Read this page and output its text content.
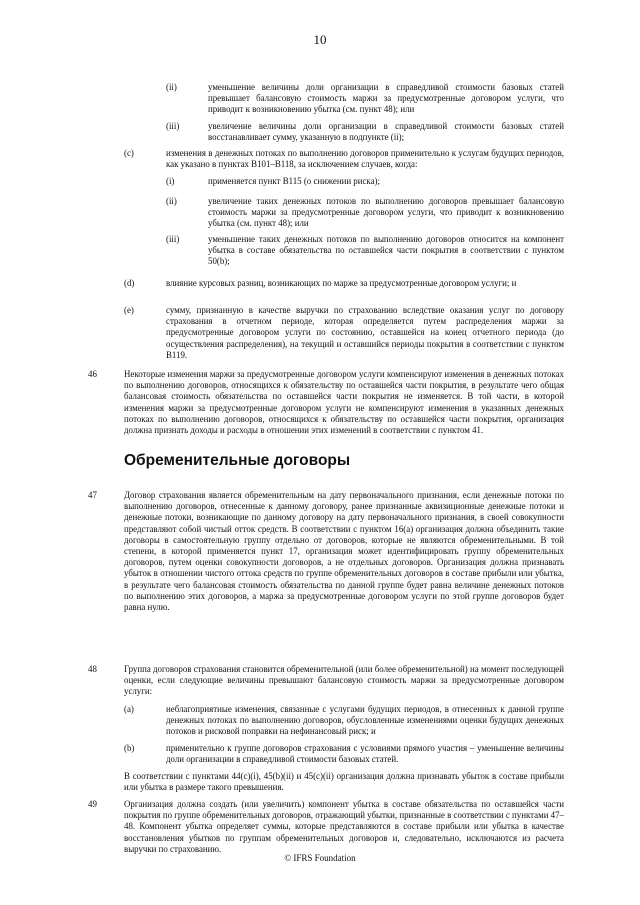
10
(ii)	уменьшение величины доли организации в справедливой стоимости базовых статей превышает балансовую стоимость маржи за предусмотренные договором услуги, что приводит к возникновению убытка (см. пункт 48); или
(iii)	увеличение величины доли организации в справедливой стоимости базовых статей восстанавливает сумму, указанную в подпункте (ii);
(c)	изменения в денежных потоках по выполнению договоров применительно к услугам будущих периодов, как указано в пунктах B101–B118, за исключением случаев, когда:
(i)	применяется пункт B115 (о снижении риска);
(ii)	увеличение таких денежных потоков по выполнению договоров превышает балансовую стоимость маржи за предусмотренные договором услуги, что приводит к возникновению убытка (см. пункт 48); или
(iii)	уменьшение таких денежных потоков по выполнению договоров относится на компонент убытка в составе обязательства по оставшейся части покрытия в соответствии с пунктом 50(b);
(d)	влияние курсовых разниц, возникающих по марже за предусмотренные договором услуги; и
(e)	сумму, признанную в качестве выручки по страхованию вследствие оказания услуг по договору страхования в отчетном периоде, которая определяется путем распределения маржи за предусмотренные договором услуги по состоянию, оставшейся на конец отчетного периода (до осуществления распределения), на текущий и оставшийся периоды покрытия в соответствии с пунктом B119.
46	Некоторые изменения маржи за предусмотренные договором услуги компенсируют изменения в денежных потоках по выполнению договоров, относящихся к обязательству по оставшейся части покрытия, в результате чего общая балансовая стоимость обязательства по оставшейся части покрытия не изменяется. В той части, в которой изменения маржи за предусмотренные договором услуги не компенсируют изменения в указанных денежных потоках по выполнению договоров, относящихся к обязательству по оставшейся части покрытия, организация должна признать доходы и расходы в отношении этих изменений в соответствии с пунктом 41.
Обременительные договоры
47	Договор страхования является обременительным на дату первоначального признания, если денежные потоки по выполнению договоров, отнесенные к данному договору, ранее признанные аквизиционные денежные потоки и денежные потоки, возникающие по данному договору на дату первоначального признания, в своей совокупности представляют собой чистый отток средств. В соответствии с пунктом 16(a) организация должна объединить такие договоры в самостоятельную группу отдельно от договоров, которые не являются обременительными. В той степени, в которой применяется пункт 17, организация может идентифицировать группу обременительных договоров, путем оценки совокупности договоров, а не отдельных договоров. Организация должна признавать убыток в отношении чистого оттока средств по группе обременительных договоров в составе прибыли или убытка, в результате чего балансовая стоимость обязательства по данной группе будет равна величине денежных потоков по выполнению этих договоров, а маржа за предусмотренные договором услуги по этой группе договоров будет равна нулю.
48	Группа договоров страхования становится обременительной (или более обременительной) на момент последующей оценки, если следующие величины превышают балансовую стоимость маржи за предусмотренные договором услуги:
(a)	неблагоприятные изменения, связанные с услугами будущих периодов, в отнесенных к данной группе денежных потоках по выполнению договоров, обусловленные изменениями оценки будущих денежных потоков и рисковой поправки на нефинансовый риск; и
(b)	применительно к группе договоров страхования с условиями прямого участия – уменьшение величины доли организации в справедливой стоимости базовых статей.
В соответствии с пунктами 44(c)(i), 45(b)(ii) и 45(c)(ii) организация должна признавать убыток в составе прибыли или убытка в размере такого превышения.
49	Организация должна создать (или увеличить) компонент убытка в составе обязательства по оставшейся части покрытия по группе обременительных договоров, отражающий убытки, признанные в соответствии с пунктами 47–48. Компонент убытка определяет суммы, которые представляются в составе прибыли или убытка в качестве восстановления убытков по группам обременительных договоров и, следовательно, исключаются из расчета выручки по страхованию.
© IFRS Foundation
